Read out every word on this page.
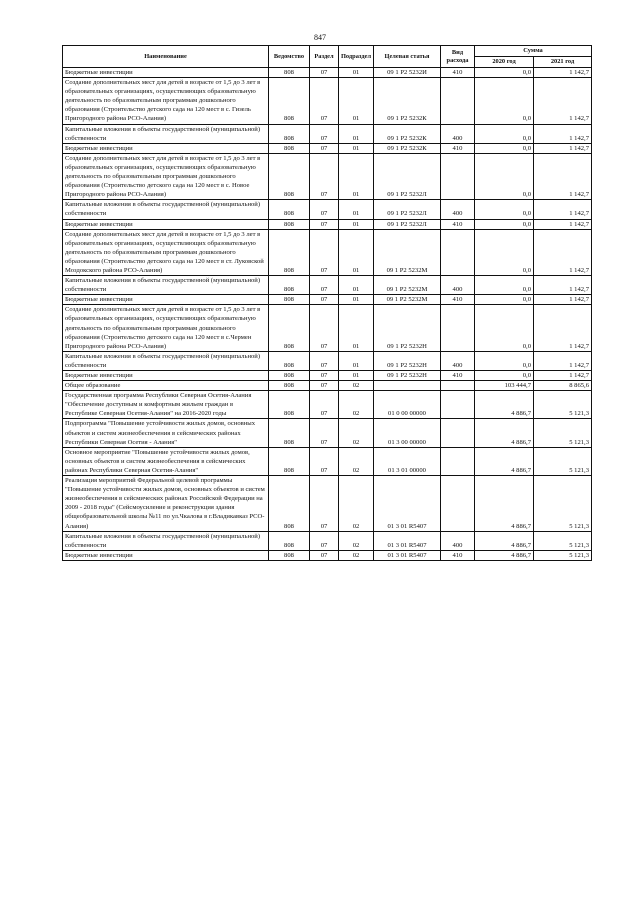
847
Наименование	Ведомство	Раздел	Подраздел	Целевая статья	Вид расхода	Сумма	
						2020 год	2021 год
Бюджетные инвестиции	808	07	01	09 1 P2 5232И	410	0,0	1 142,7
Создание дополнительных мест для детей в возрасте от 1,5 до 3 лет в образовательных организациях, осуществляющих образовательную деятельность по образовательным программам дошкольного образования (Строительство детского сада на 120 мест в с. Гизель Пригородного района РСО-Алания)	808	07	01	09 1 P2 5232К		0,0	1 142,7
Капитальные вложения в объекты государственной (муниципальной) собственности	808	07	01	09 1 P2 5232К	400	0,0	1 142,7
Бюджетные инвестиции	808	07	01	09 1 P2 5232К	410	0,0	1 142,7
Создание дополнительных мест для детей в возрасте от 1,5 до 3 лет в образовательных организациях, осуществляющих образовательную деятельность по образовательным программам дошкольного образования (Строительство детского сада на 120 мест в с. Новое Пригородного района РСО-Алания)	808	07	01	09 1 P2 5232Л		0,0	1 142,7
Капитальные вложения в объекты государственной (муниципальной) собственности	808	07	01	09 1 P2 5232Л	400	0,0	1 142,7
Бюджетные инвестиции	808	07	01	09 1 P2 5232Л	410	0,0	1 142,7
Создание дополнительных мест для детей в возрасте от 1,5 до 3 лет в образовательных организациях, осуществляющих образовательную деятельность по образовательным программам дошкольного образования (Строительство детского сада на 120 мест в ст. Луковской Моздокского района РСО-Алания)	808	07	01	09 1 P2 5232М		0,0	1 142,7
Капитальные вложения в объекты государственной (муниципальной) собственности	808	07	01	09 1 P2 5232М	400	0,0	1 142,7
Бюджетные инвестиции	808	07	01	09 1 P2 5232М	410	0,0	1 142,7
Создание дополнительных мест для детей в возрасте от 1,5 до 3 лет в образовательных организациях, осуществляющих образовательную деятельность по образовательным программам дошкольного образования (Строительство детского сада на 120 мест в с.Чермен Пригородного района РСО-Алания)	808	07	01	09 1 P2 5232Н		0,0	1 142,7
Капитальные вложения в объекты государственной (муниципальной) собственности	808	07	01	09 1 P2 5232Н	400	0,0	1 142,7
Бюджетные инвестиции	808	07	01	09 1 P2 5232Н	410	0,0	1 142,7
Общее образование	808	07	02			103 444,7	8 865,6
Государственная программа Республики Северная Осетия-Алания "Обеспечение доступным и комфортным жильем граждан в Республике Северная Осетия-Алания" на 2016-2020 годы	808	07	02	01 0 00 00000		4 886,7	5 121,3
Подпрограмма "Повышение устойчивости жилых домов, основных объектов и систем жизнеобеспечения в сейсмических районах Республики Северная Осетия - Алания"	808	07	02	01 3 00 00000		4 886,7	5 121,3
Основное мероприятие "Повышение устойчивости жилых домов, основных объектов и систем жизнеобеспечения в сейсмических районах Республики Северная Осетия-Алания"	808	07	02	01 3 01 00000		4 886,7	5 121,3
Реализация мероприятий Федеральной целевой программы "Повышение устойчивости жилых домов, основных объектов и систем жизнеобеспечения в сейсмических районах Российской Федерации на 2009 - 2018 годы" (Сейсмоусиление и реконструкция здания общеобразовательной школы №11 по ул.Чкалова в г.Владикавказ РСО-Алания)	808	07	02	01 3 01 R5407		4 886,7	5 121,3
Капитальные вложения в объекты государственной (муниципальной) собственности	808	07	02	01 3 01 R5407	400	4 886,7	5 121,3
Бюджетные инвестиции	808	07	02	01 3 01 R5407	410	4 886,7	5 121,3
